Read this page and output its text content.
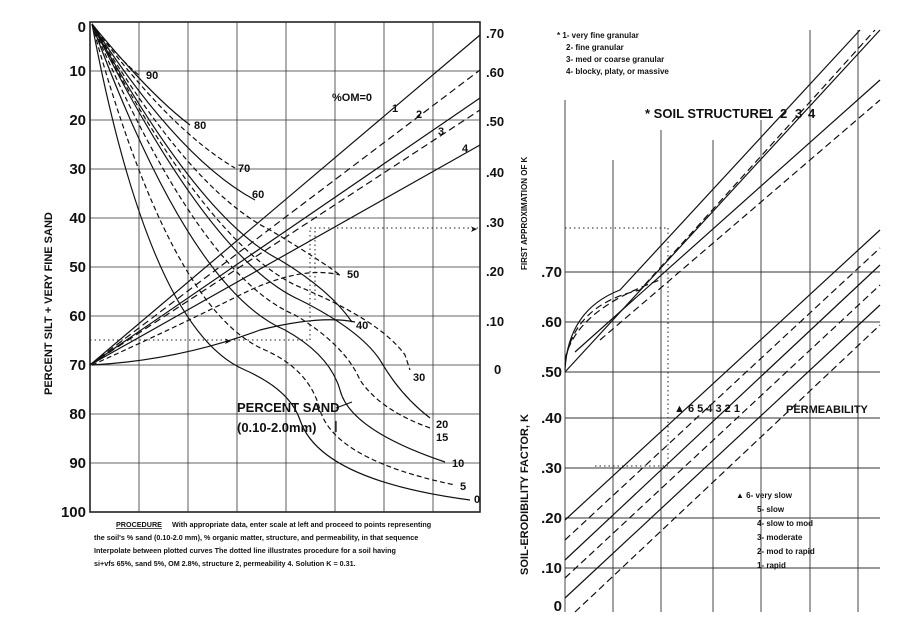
➤
➤
0
10
20
30
40
50
60
70
80
90
100
PERCENT SILT + VERY FINE SAND
.70
.60
.50
.40
.30
.20
.10
0
FIRST APPROXIMATION OF K
%OM=0
1 2
3
4
90
80
70
60
50
40
30
20
15
10
5
0
PERCENT SAND
(0.10-2.0mm)
PROCEDURE With appropriate data, enter scale at left and proceed to points representing
the soil's % sand (0.10-2.0 mm), % organic matter, structure, and permeability, in that sequence
Interpolate between plotted curves The dotted line illustrates procedure for a soil having
si+vfs 65%, sand 5%, OM 2.8%, structure 2, permeability 4. Solution K = 0.31.
* 1- very fine granular
2- fine granular
3- med or coarse granular
4- blocky, platy, or massive
* SOIL STRUCTURE
1 2 3 4
.70
.60
.50
.40
.30
.20
.10
0
SOIL-ERODIBILITY FACTOR, K
▲ 6 5 4 3 2 1	PERMEABILITY
▲ 6- very slow
5- slow
4- slow to mod
3- moderate
2- mod to rapid
1- rapid
